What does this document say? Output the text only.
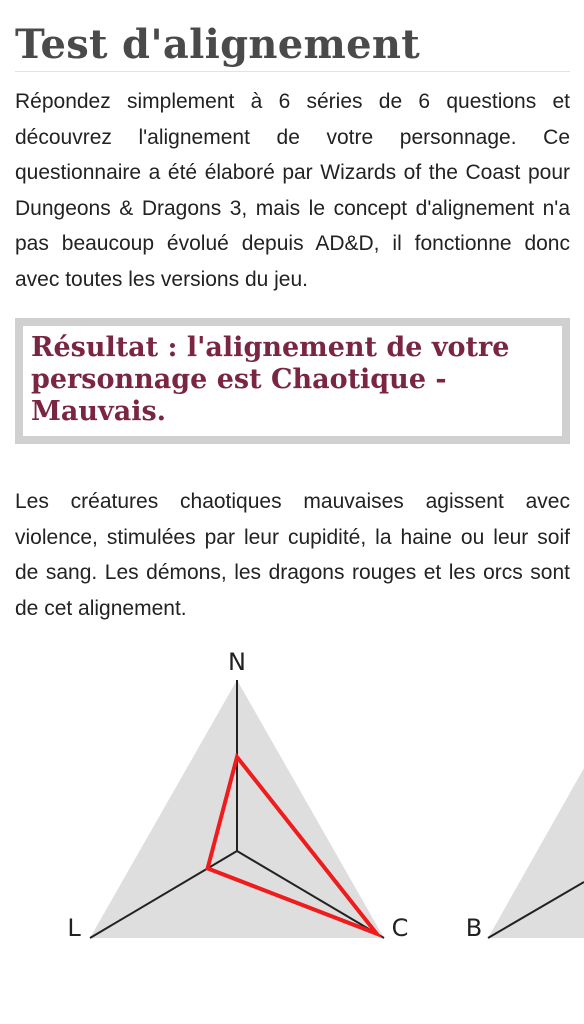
Test d'alignement

Répondez simplement à 6 séries de 6 questions et découvrez l'alignement de votre personnage. Ce questionnaire a été élaboré par Wizards of the Coast pour Dungeons & Dragons 3, mais le concept d'alignement n'a pas beaucoup évolué depuis AD&D, il fonctionne donc avec toutes les versions du jeu.

Résultat : l'alignement de votre personnage est Chaotique - Mauvais.

Les créatures chaotiques mauvaises agissent avec violence, stimulées par leur cupidité, la haine ou leur soif de sang. Les démons, les dragons rouges et les orcs sont de cet alignement.

N
L	C B
